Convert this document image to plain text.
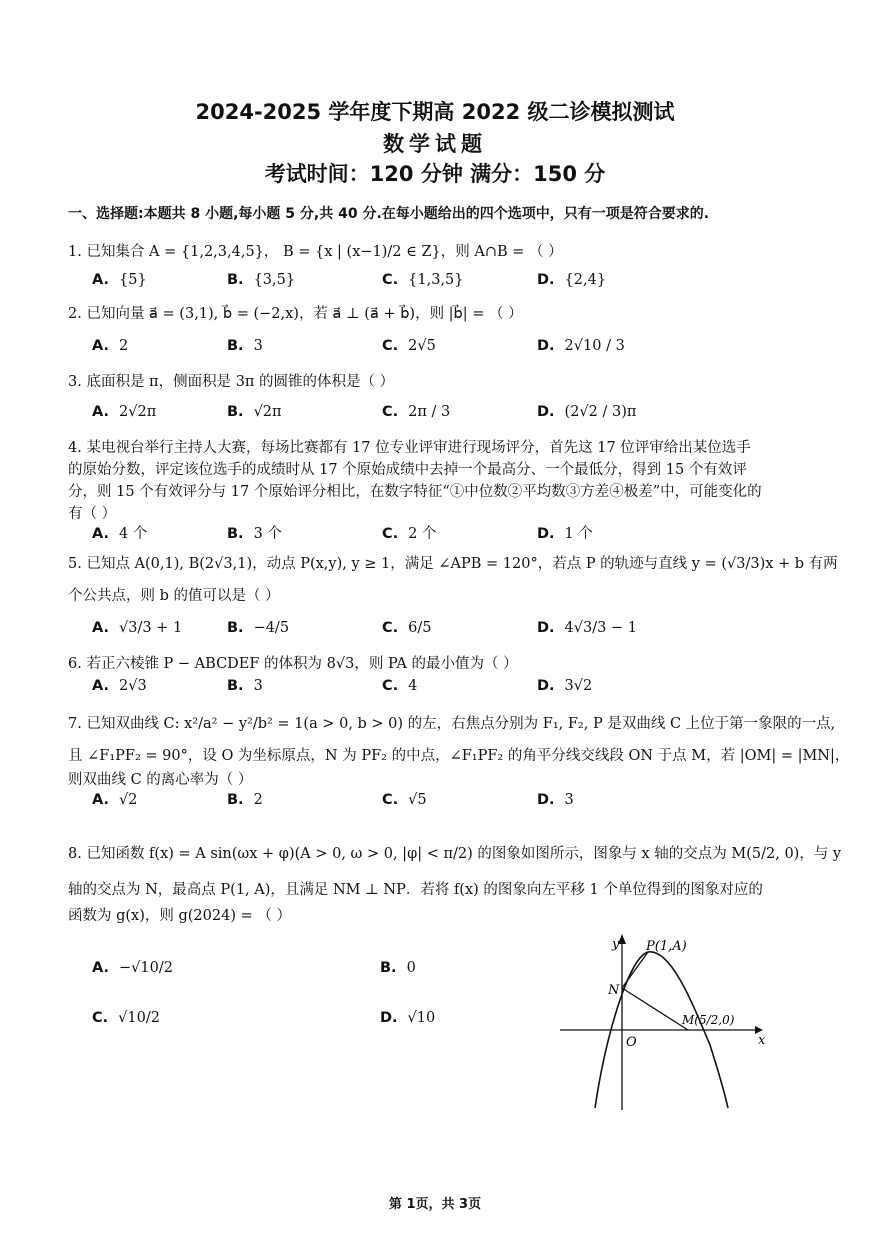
2024-2025 学年度下期高 2022 级二诊模拟测试
数学试题
考试时间：120 分钟 满分：150 分
一、选择题:本题共 8 小题,每小题 5 分,共 40 分.在每小题给出的四个选项中，只有一项是符合要求的.
1. 已知集合 A = {1,2,3,4,5}， B = {x | (x−1)/2 ∈ Z}，则 A∩B = （ ）
A. {5}	B. {3,5}	C. {1,3,5}	D. {2,4}
2. 已知向量 a⃗ = (3,1), b⃗ = (−2,x)，若 a⃗ ⊥ (a⃗ + b⃗)，则 |b⃗| = （ ）
A. 2	B. 3	C. 2√5	D. 2√10 / 3
3. 底面积是 π，侧面积是 3π 的圆锥的体积是（ ）
A. 2√2π	B. √2π	C. 2π / 3	D. (2√2 / 3)π
4. 某电视台举行主持人大赛，每场比赛都有 17 位专业评审进行现场评分，首先这 17 位评审给出某位选手
的原始分数，评定该位选手的成绩时从 17 个原始成绩中去掉一个最高分、一个最低分，得到 15 个有效评
分，则 15 个有效评分与 17 个原始评分相比，在数字特征“①中位数②平均数③方差④极差”中，可能变化的
有（ ）
A. 4 个	B. 3 个	C. 2 个	D. 1 个
5. 已知点 A(0,1), B(2√3,1)，动点 P(x,y), y ≥ 1，满足 ∠APB = 120°，若点 P 的轨迹与直线 y = (√3/3)x + b 有两
个公共点，则 b 的值可以是（ ）
A. √3/3 + 1	B. −4/5	C. 6/5	D. 4√3/3 − 1
6. 若正六棱锥 P − ABCDEF 的体积为 8√3，则 PA 的最小值为（ ）
A. 2√3	B. 3	C. 4	D. 3√2
7. 已知双曲线 C: x²/a² − y²/b² = 1(a > 0, b > 0) 的左，右焦点分别为 F₁, F₂, P 是双曲线 C 上位于第一象限的一点,
且 ∠F₁PF₂ = 90°，设 O 为坐标原点，N 为 PF₂ 的中点，∠F₁PF₂ 的角平分线交线段 ON 于点 M，若 |OM| = |MN|，
则双曲线 C 的离心率为（ ）
A. √2	B. 2	C. √5	D. 3
8. 已知函数 f(x) = A sin(ωx + φ)(A > 0, ω > 0, |φ| < π/2) 的图象如图所示，图象与 x 轴的交点为 M(5/2, 0)，与 y
轴的交点为 N，最高点 P(1, A)，且满足 NM ⊥ NP．若将 f(x) 的图象向左平移 1 个单位得到的图象对应的
函数为 g(x)，则 g(2024) = （ ）
A. −√10/2	B. 0
C. √10/2	D. √10
y
x
O
N
P(1,A)
M(5/2,0)
第 1页，共 3页
